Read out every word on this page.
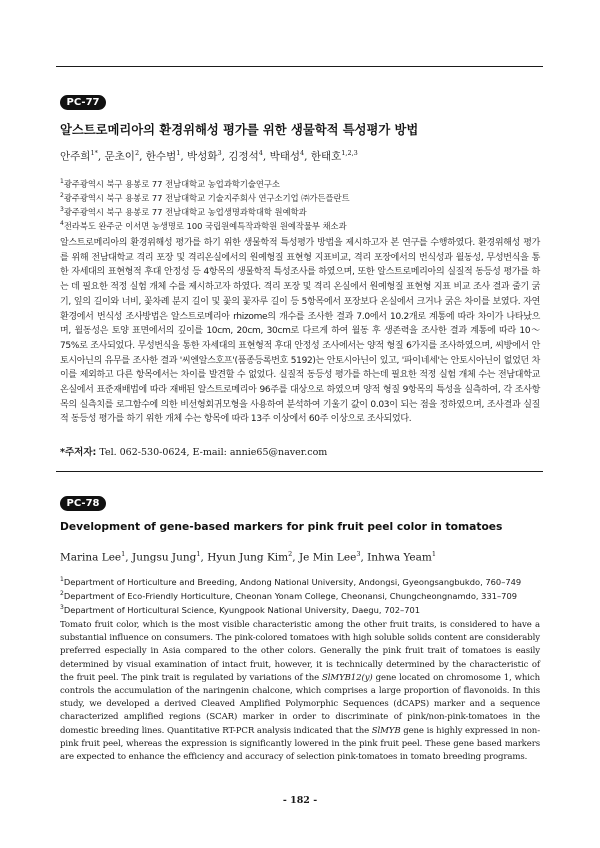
PC-77
알스트로메리아의 환경위해성 평가를 위한 생물학적 특성평가 방법
안주희$^{1*}$, 문초이$^2$, 한수범$^1$, 박성화$^3$, 김정석$^4$, 박태성$^4$, 한태호$^{1,2,3}$
$^1$광주광역시 북구 용봉로 77 전남대학교 농업과학기술연구소
$^2$광주광역시 북구 용봉로 77 전남대학교 기술지주회사 연구소기업 ㈜가든플란트
$^3$광주광역시 북구 용봉로 77 전남대학교 농업생명과학대학 원예학과
$^4$전라북도 완주군 이서면 농생명로 100 국립원예특작과학원 원예작물부 채소과

알스트로메리아의 환경위해성 평가를 하기 위한 생물학적 특성평가 방법을 제시하고자 본 연구를 수행하였다. 환경위해성 평가를 위해 전남대학교 격리 포장 및 격리온실에서의 원예형질 표현형 지표비교, 격리 포장에서의 번식성과 월동성, 무성번식을 통한 자세대의 표현형적 후대 안정성 등 4항목의 생물학적 특성조사를 하였으며, 또한 알스트로메리아의 실질적 동등성 평가를 하는 데 필요한 적정 실험 개체 수를 제시하고자 하였다. 격리 포장 및 격리 온실에서 원예형질 표현형 지표 비교 조사 결과 줄기 굵기, 잎의 길이와 너비, 꽃차례 분지 길이 및 꽃의 꽃자루 길이 등 5항목에서 포장보다 온실에서 크거나 굵은 차이를 보였다. 자연환경에서 번식성 조사방법은 알스트로메리아 rhizome의 개수를 조사한 결과 7.0에서 10.2개로 계통에 따라 차이가 나타났으며, 월동성은 토양 표면에서의 깊이를 10cm, 20cm, 30cm로 다르게 하여 월동 후 생존력을 조사한 결과 계통에 따라 10～75%로 조사되었다. 무성번식을 통한 자세대의 표현형적 후대 안정성 조사에서는 양적 형질 6가지를 조사하였으며, 씨방에서 안토시아닌의 유무를 조사한 결과 '씨엔알스호프'(품종등록번호 5192)는 안토시아닌이 있고, '파이네세'는 안토시아닌이 없었던 차이를 제외하고 다른 항목에서는 차이를 발견할 수 없었다. 실질적 동등성 평가를 하는데 필요한 적정 실험 개체 수는 전남대학교 온실에서 표준재배법에 따라 재배된 알스트로메리아 96주를 대상으로 하였으며 양적 형질 9항목의 특성을 실측하여, 각 조사항목의 실측치를 로그함수에 의한 비선형회귀모형을 사용하여 분석하여 기울기 값이 0.03이 되는 점을 정하였으며, 조사결과 실질적 동등성 평가를 하기 위한 개체 수는 항목에 따라 13주 이상에서 60주 이상으로 조사되었다.

*주저자: Tel. 062-530-0624, E-mail: annie65@naver.com
PC-78
Development of gene-based markers for pink fruit peel color in tomatoes
Marina Lee$^1$, Jungsu Jung$^1$, Hyun Jung Kim$^2$, Je Min Lee$^3$, Inhwa Yeam$^1$
$^1$Department of Horticulture and Breeding, Andong National University, Andongsi, Gyeongsangbukdo, 760–749
$^2$Department of Eco-Friendly Horticulture, Cheonan Yonam College, Cheonansi, Chungcheongnamdo, 331–709
$^3$Department of Horticultural Science, Kyungpook National University, Daegu, 702–701

Tomato fruit color, which is the most visible characteristic among the other fruit traits, is considered to have a substantial influence on consumers. The pink-colored tomatoes with high soluble solids content are considerably preferred especially in Asia compared to the other colors. Generally the pink fruit trait of tomatoes is easily determined by visual examination of intact fruit, however, it is technically determined by the characteristic of the fruit peel. The pink trait is regulated by variations of the SlMYB12(y) gene located on chromosome 1, which controls the accumulation of the naringenin chalcone, which comprises a large proportion of flavonoids. In this study, we developed a derived Cleaved Amplified Polymorphic Sequences (dCAPS) marker and a sequence characterized amplified regions (SCAR) marker in order to discriminate of pink/non-pink-tomatoes in the domestic breeding lines. Quantitative RT-PCR analysis indicated that the SlMYB gene is highly expressed in non-pink fruit peel, whereas the expression is significantly lowered in the pink fruit peel. These gene based markers are expected to enhance the efficiency and accuracy of selection pink-tomatoes in tomato breeding programs.

- 182 -
